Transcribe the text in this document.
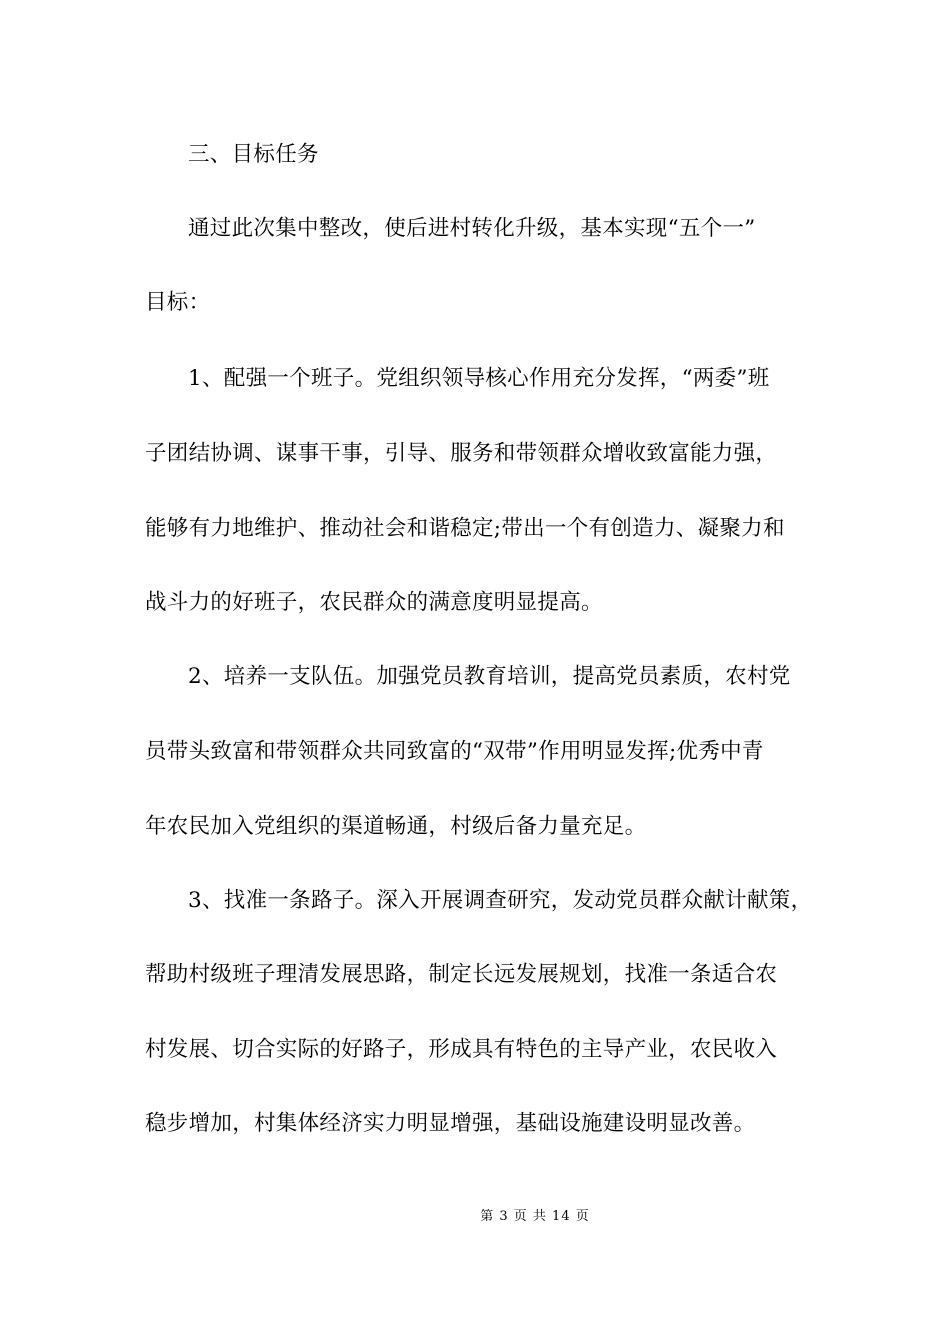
三、目标任务
通过此次集中整改，使后进村转化升级，基本实现“五个一”
目标：
1、配强一个班子。党组织领导核心作用充分发挥，“两委”班
子团结协调、谋事干事，引导、服务和带领群众增收致富能力强，
能够有力地维护、推动社会和谐稳定;带出一个有创造力、凝聚力和
战斗力的好班子，农民群众的满意度明显提高。
2、培养一支队伍。加强党员教育培训，提高党员素质，农村党
员带头致富和带领群众共同致富的“双带”作用明显发挥;优秀中青
年农民加入党组织的渠道畅通，村级后备力量充足。
3、找准一条路子。深入开展调查研究，发动党员群众献计献策，
帮助村级班子理清发展思路，制定长远发展规划，找准一条适合农
村发展、切合实际的好路子，形成具有特色的主导产业，农民收入
稳步增加，村集体经济实力明显增强，基础设施建设明显改善。
第 3 页 共 14 页
